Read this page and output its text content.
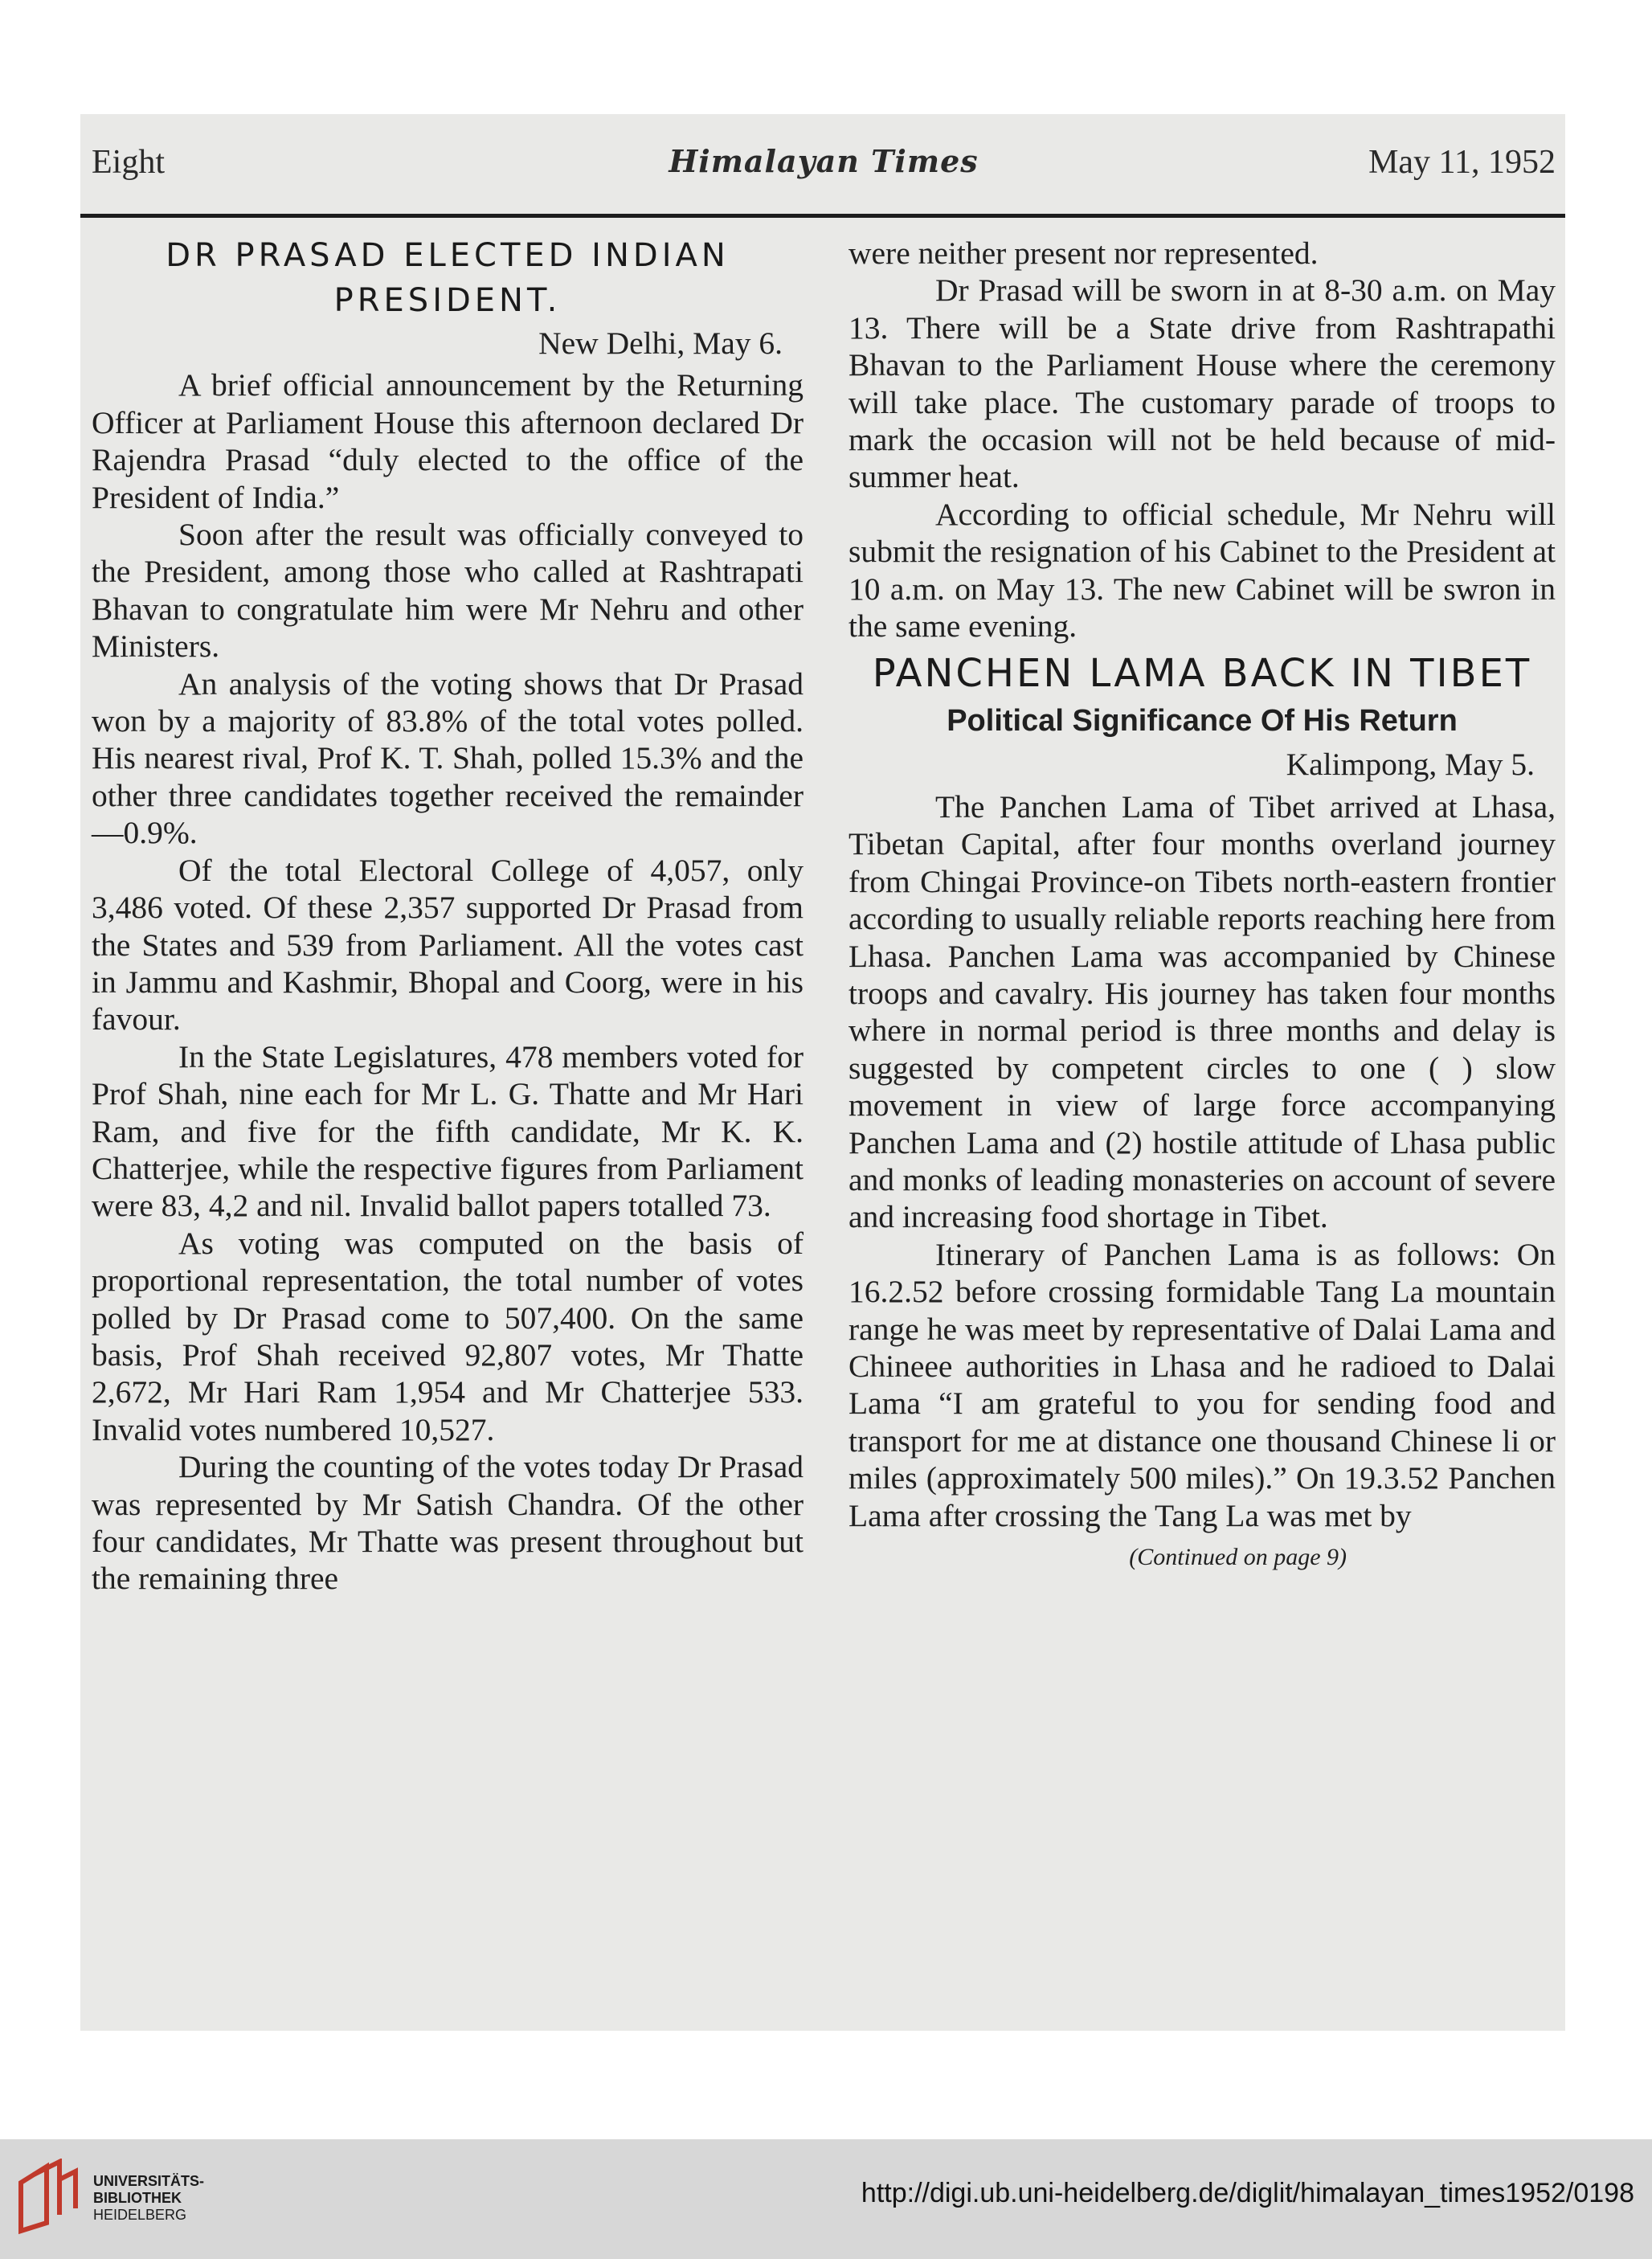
Eight	Himalayan Times	May 11, 1952
DR PRASAD ELECTED INDIAN
PRESIDENT.
New Delhi, May 6.

A brief official announcement by the Returning Officer at Parliament House this afternoon declared Dr Rajendra Prasad “duly elected to the office of the President of India.”

Soon after the result was officially conveyed to the President, among those who called at Rashtrapati Bhavan to congratulate him were Mr Nehru and other Ministers.

An analysis of the voting shows that Dr Prasad won by a majority of 83.8% of the total votes polled. His nearest rival, Prof K. T. Shah, polled 15.3% and the other three candidates together received the remainder—0.9%.

Of the total Electoral College of 4,057, only 3,486 voted. Of these 2,357 supported Dr Prasad from the States and 539 from Parliament. All the votes cast in Jammu and Kashmir, Bhopal and Coorg, were in his favour.

In the State Legislatures, 478 members voted for Prof Shah, nine each for Mr L. G. Thatte and Mr Hari Ram, and five for the fifth candidate, Mr K. K. Chatterjee, while the respective figures from Parliament were 83, 4,2 and nil. Invalid ballot papers totalled 73.

As voting was computed on the basis of proportional representation, the total number of votes polled by Dr Prasad come to 507,400. On the same basis, Prof Shah received 92,807 votes, Mr Thatte 2,672, Mr Hari Ram 1,954 and Mr Chatterjee 533. Invalid votes numbered 10,527.

During the counting of the votes today Dr Prasad was represented by Mr Satish Chandra. Of the other four candidates, Mr Thatte was present throughout but the remaining three

were neither present nor represented.

Dr Prasad will be sworn in at 8-30 a.m. on May 13. There will be a State drive from Rashtrapathi Bhavan to the Parliament House where the ceremony will take place. The customary parade of troops to mark the occasion will not be held because of mid-summer heat.

According to official schedule, Mr Nehru will submit the resignation of his Cabinet to the President at 10 a.m. on May 13. The new Cabinet will be swron in the same evening.

PANCHEN LAMA BACK IN TIBET
Political Significance Of His Return
Kalimpong, May 5.

The Panchen Lama of Tibet arrived at Lhasa, Tibetan Capital, after four months overland journey from Chingai Province-on Tibets north-eastern frontier according to usually reliable reports reaching here from Lhasa. Panchen Lama was accompanied by Chinese troops and cavalry. His journey has taken four months where in normal period is three months and delay is suggested by competent circles to one ( ) slow movement in view of large force accompanying Panchen Lama and (2) hostile attitude of Lhasa public and monks of leading monasteries on account of severe and increasing food shortage in Tibet.

Itinerary of Panchen Lama is as follows: On 16.2.52 before crossing formidable Tang La mountain range he was meet by representative of Dalai Lama and Chineee authorities in Lhasa and he radioed to Dalai Lama “I am grateful to you for sending food and transport for me at distance one thousand Chinese li or miles (approximately 500 miles).” On 19.3.52 Panchen Lama after crossing the Tang La was met by

(Continued on page 9)
UNIVERSITÄTS-
BIBLIOTHEK
HEIDELBERG
http://digi.ub.uni-heidelberg.de/diglit/himalayan_times1952/0198
